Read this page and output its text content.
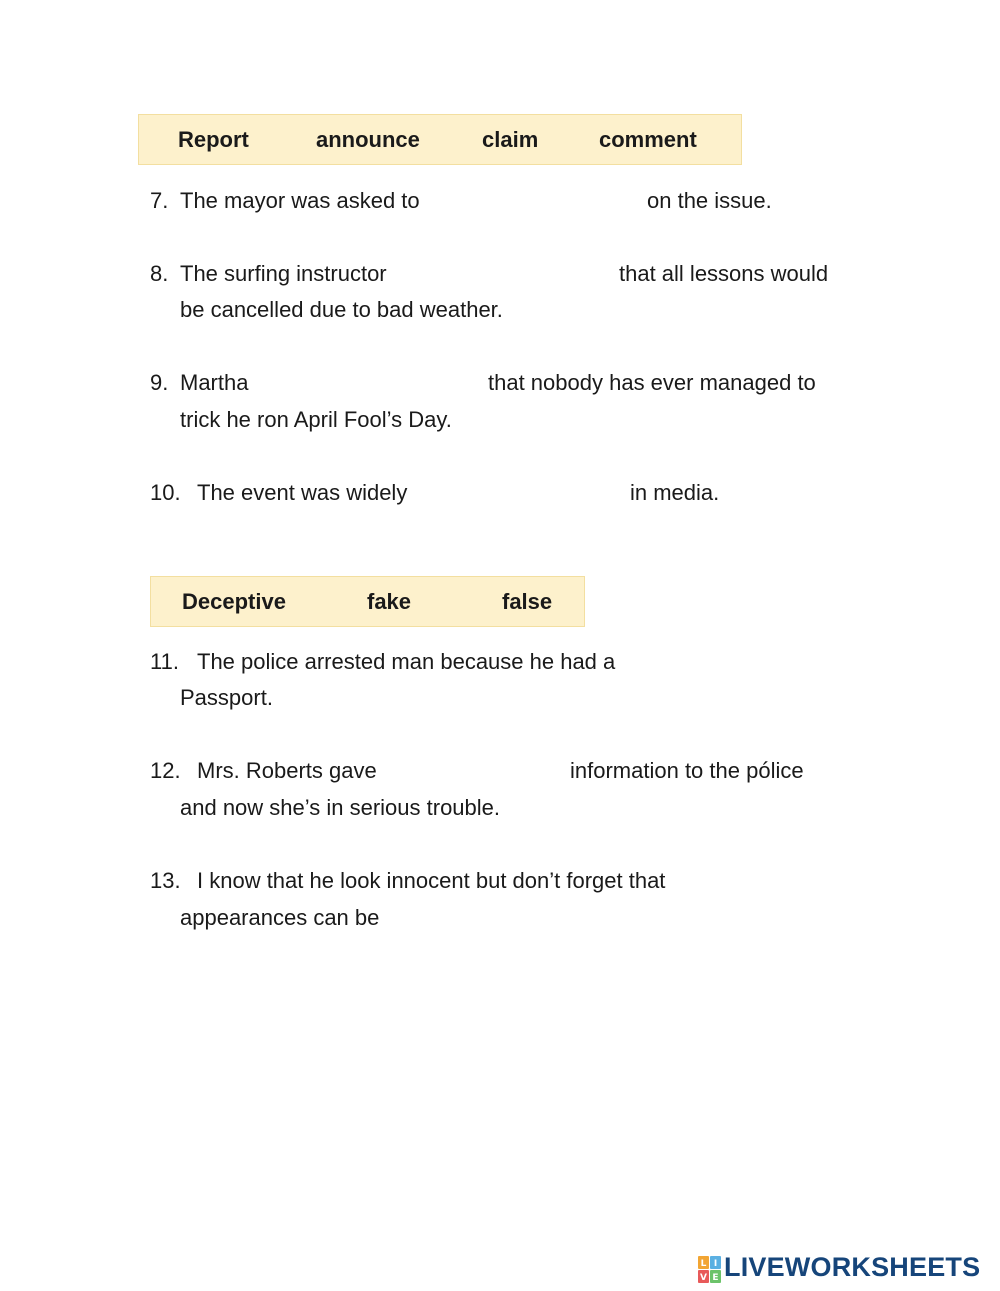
Report	announce	claim	comment
7. The mayor was asked to	on the issue.
8. The surfing instructor	that all lessons would
be cancelled due to bad weather.
9. Martha	that nobody has ever managed to
trick he ron April Fool’s Day.
10. The event was widely	in media.
Deceptive	fake	false
11. The police arrested man because he had a
Passport.
12. Mrs. Roberts gave	information to the pólice
and now she’s in serious trouble.
13. I know that he look innocent but don’t forget that
appearances can be
L I
V E LIVEWORKSHEETS
